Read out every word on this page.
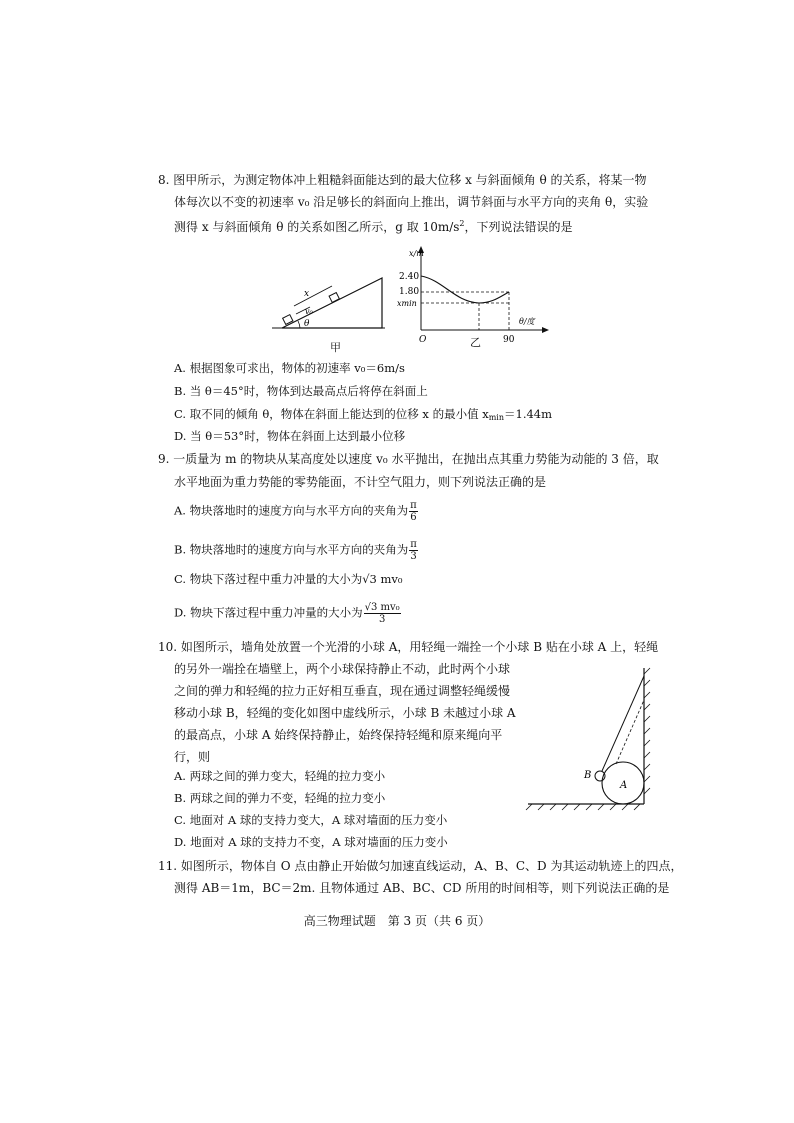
8. 图甲所示，为测定物体冲上粗糙斜面能达到的最大位移 x 与斜面倾角 θ 的关系，将某一物
体每次以不变的初速率 v₀ 沿足够长的斜面向上推出，调节斜面与水平方向的夹角 θ，实验
测得 x 与斜面倾角 θ 的关系如图乙所示，g 取 $10m/s^2$，下列说法错误的是
x
v₀
θ
甲
x/m
2.40
1.80
xmin
θ/度
O	90
乙
A. 根据图象可求出，物体的初速率 v₀＝6m/s
B. 当 θ＝45°时，物体到达最高点后将停在斜面上
C. 取不同的倾角 θ，物体在斜面上能达到的位移 x 的最小值 $x_{min}=1.44m$
D. 当 θ＝53°时，物体在斜面上达到最小位移
9. 一质量为 m 的物块从某高度处以速度 v₀ 水平抛出，在抛出点其重力势能为动能的 3 倍，取
水平地面为重力势能的零势能面，不计空气阻力，则下列说法正确的是
A. 物块落地时的速度方向与水平方向的夹角为 $\frac{\pi}{6}$
B. 物块落地时的速度方向与水平方向的夹角为 $\frac{\pi}{3}$
C. 物块下落过程中重力冲量的大小为√3 mv₀
D. 物块下落过程中重力冲量的大小为 $\frac{\text{√3 mv₀}}{3}$
10. 如图所示，墙角处放置一个光滑的小球 A，用轻绳一端拴一个小球 B 贴在小球 A 上，轻绳
的另外一端拴在墙壁上，两个小球保持静止不动，此时两个小球
之间的弹力和轻绳的拉力正好相互垂直，现在通过调整轻绳缓慢
移动小球 B，轻绳的变化如图中虚线所示，小球 B 未越过小球 A
的最高点，小球 A 始终保持静止，始终保持轻绳和原来绳向平
行，则
A
B
A. 两球之间的弹力变大，轻绳的拉力变小
B. 两球之间的弹力不变，轻绳的拉力变小
C. 地面对 A 球的支持力变大，A 球对墙面的压力变小
D. 地面对 A 球的支持力不变，A 球对墙面的压力变小
11. 如图所示，物体自 O 点由静止开始做匀加速直线运动，A、B、C、D 为其运动轨迹上的四点，
测得 AB＝1m，BC＝2m. 且物体通过 AB、BC、CD 所用的时间相等，则下列说法正确的是
高三物理试题　第 3 页（共 6 页）
